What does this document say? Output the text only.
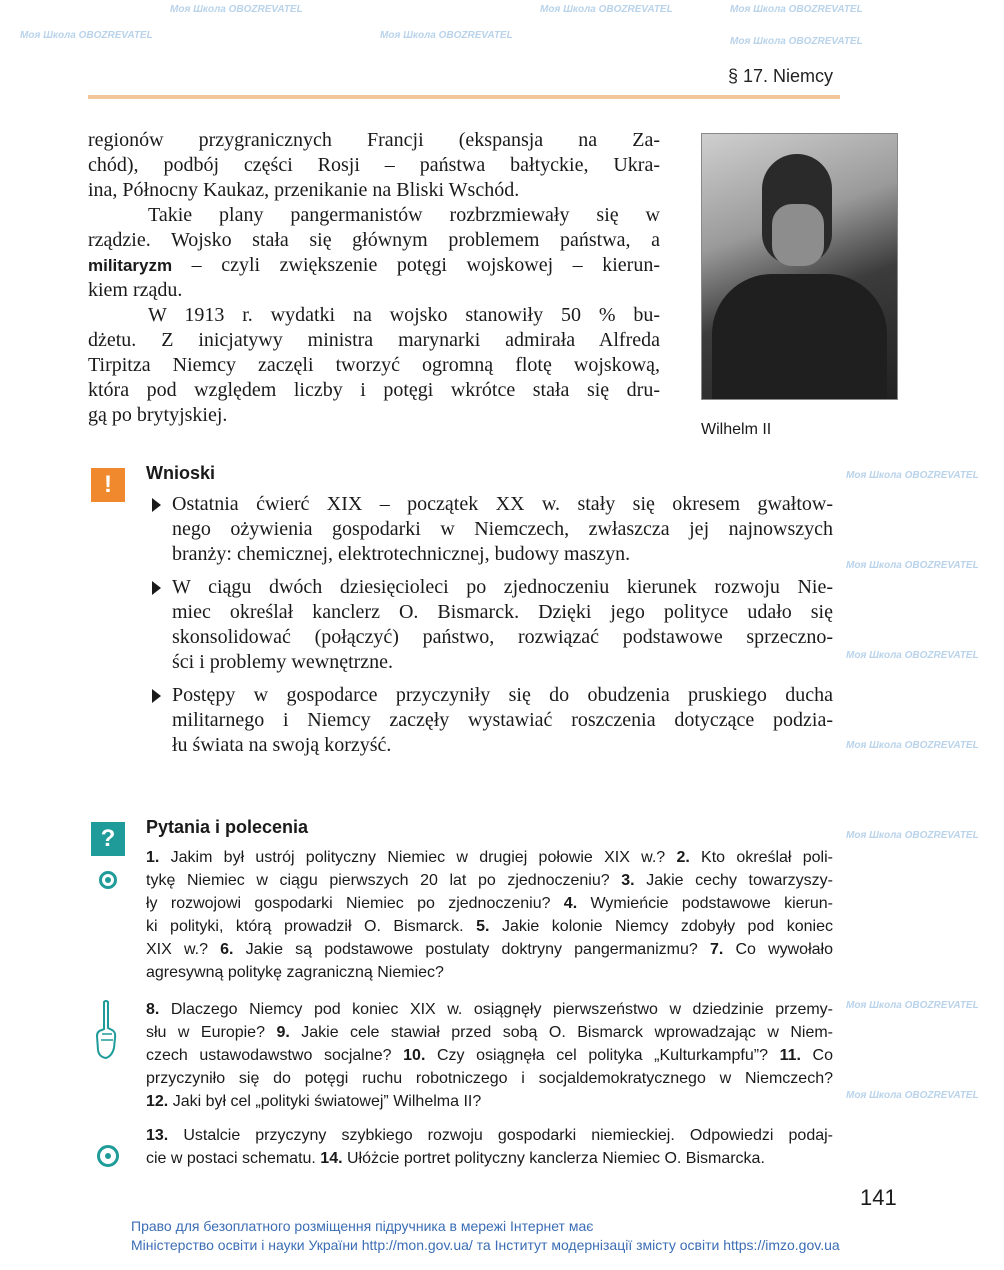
Моя Школа OBOZREVATEL	Моя Школа OBOZREVATEL	Моя Школа OBOZREVATEL
Моя Школа OBOZREVATEL	Моя Школа OBOZREVATEL
Моя Школа OBOZREVATEL
Моя Школа OBOZREVATEL
Моя Школа OBOZREVATEL
Моя Школа OBOZREVATEL
Моя Школа OBOZREVATEL
Моя Школа OBOZREVATEL
Моя Школа OBOZREVATEL
Моя Школа OBOZREVATEL
§ 17. Niemcy
regionów przygranicznych Francji (ekspansja na Za-
chód), podbój części Rosji – państwa bałtyckie, Ukra-
ina, Północny Kaukaz, przenikanie na Bliski Wschód.
Takie plany pangermanistów rozbrzmiewały się w
rządzie. Wojsko stała się głównym problemem państwa, a
militaryzm – czyli zwiększenie potęgi wojskowej – kierun-
kiem rządu.
W 1913 r. wydatki na wojsko stanowiły 50 % bu-
dżetu. Z inicjatywy ministra marynarki admirała Alfreda
Tirpitza Niemcy zaczęli tworzyć ogromną flotę wojskową,
która pod względem liczby i potęgi wkrótce stała się dru-
gą po brytyjskiej.
Wilhelm II
!	Wnioski
Ostatnia ćwierć XIX – początek XX w. stały się okresem gwałtow-
nego ożywienia gospodarki w Niemczech, zwłaszcza jej najnowszych
branży: chemicznej, elektrotechnicznej, budowy maszyn.
W ciągu dwóch dziesięcioleci po zjednoczeniu kierunek rozwoju Nie-
miec określał kanclerz O. Bismarck. Dzięki jego polityce udało się
skonsolidować (połączyć) państwo, rozwiązać podstawowe sprzeczno-
ści i problemy wewnętrzne.
Postępy w gospodarce przyczyniły się do obudzenia pruskiego ducha
militarnego i Niemcy zaczęły wystawiać roszczenia dotyczące podzia-
łu świata na swoją korzyść.
?	Pytania i polecenia
1. Jakim był ustrój polityczny Niemiec w drugiej połowie XIX w.? 2. Kto określał poli-
tykę Niemiec w ciągu pierwszych 20 lat po zjednoczeniu? 3. Jakie cechy towarzyszy-
ły rozwojowi gospodarki Niemiec po zjednoczeniu? 4. Wymieńcie podstawowe kierun-
ki polityki, którą prowadził O. Bismarck. 5. Jakie kolonie Niemcy zdobyły pod koniec
XIX w.? 6. Jakie są podstawowe postulaty doktryny pangermanizmu? 7. Co wywołało
agresywną politykę zagraniczną Niemiec?
8. Dlaczego Niemcy pod koniec XIX w. osiągnęły pierwszeństwo w dziedzinie przemy-
słu w Europie? 9. Jakie cele stawiał przed sobą O. Bismarck wprowadzając w Niem-
czech ustawodawstwo socjalne? 10. Czy osiągnęła cel polityka „Kulturkampfu”? 11. Co
przyczyniło się do potęgi ruchu robotniczego i socjaldemokratycznego w Niemczech?
12. Jaki był cel „polityki światowej” Wilhelma II?
13. Ustalcie przyczyny szybkiego rozwoju gospodarki niemieckiej. Odpowiedzi podaj-
cie w postaci schematu. 14. Ułóżcie portret polityczny kanclerza Niemiec O. Bismarcka.
141
Право для безоплатного розміщення підручника в мережі Інтернет має
Міністерство освіти і науки України http://mon.gov.ua/ та Інститут модернізації змісту освіти https://imzo.gov.ua
